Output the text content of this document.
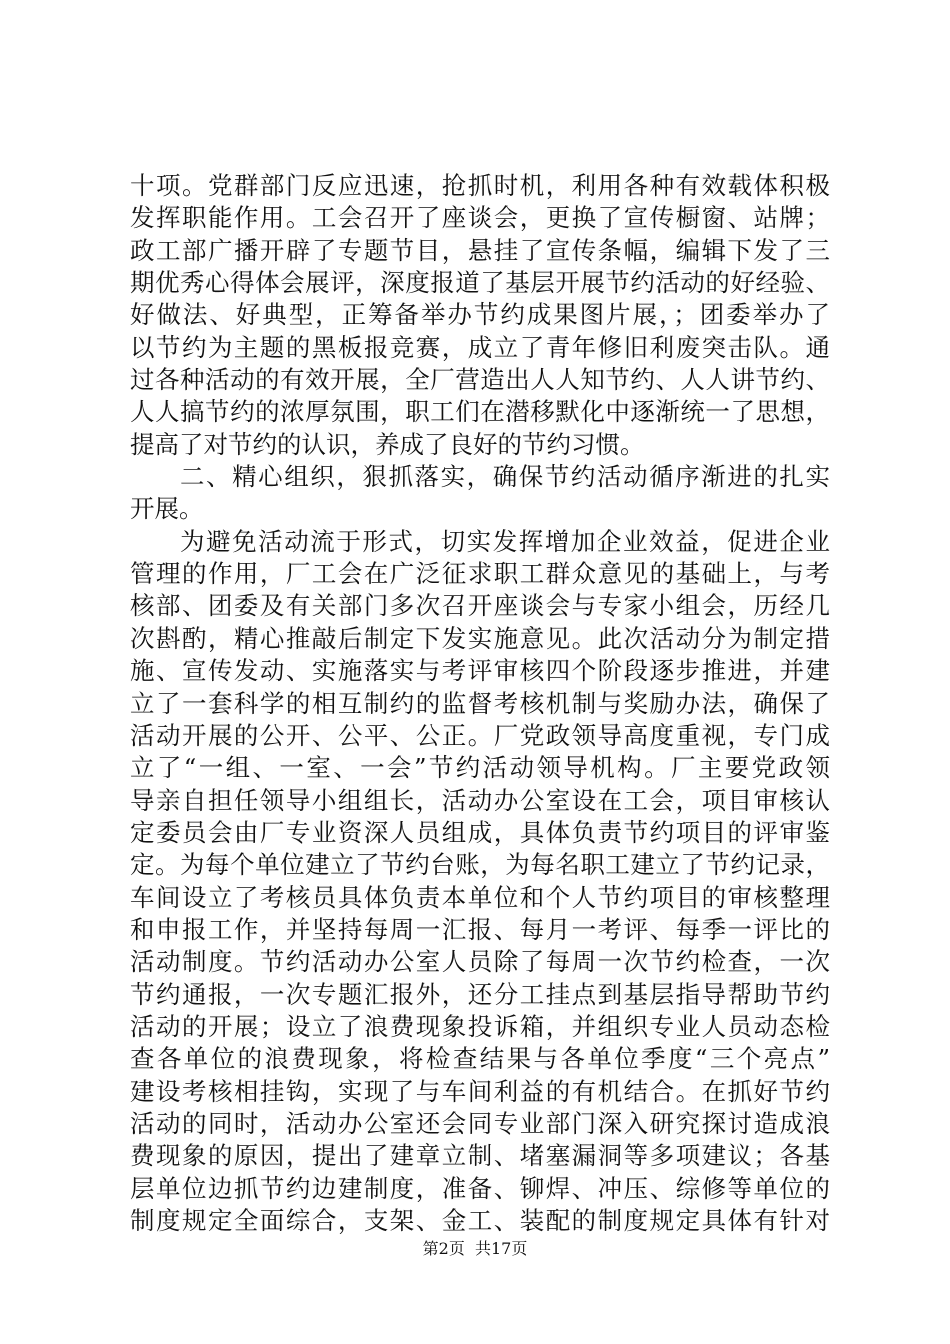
十项。党群部门反应迅速，抢抓时机，利用各种有效载体积极
发挥职能作用。工会召开了座谈会，更换了宣传橱窗、站牌；
政工部广播开辟了专题节目，悬挂了宣传条幅，编辑下发了三
期优秀心得体会展评，深度报道了基层开展节约活动的好经验、
好做法、好典型，正筹备举办节约成果图片展，；团委举办了
以节约为主题的黑板报竞赛，成立了青年修旧利废突击队。通
过各种活动的有效开展，全厂营造出人人知节约、人人讲节约、
人人搞节约的浓厚氛围，职工们在潜移默化中逐渐统一了思想，
提高了对节约的认识，养成了良好的节约习惯。
二、精心组织，狠抓落实，确保节约活动循序渐进的扎实
开展。
为避免活动流于形式，切实发挥增加企业效益，促进企业
管理的作用，厂工会在广泛征求职工群众意见的基础上，与考
核部、团委及有关部门多次召开座谈会与专家小组会，历经几
次斟酌，精心推敲后制定下发实施意见。此次活动分为制定措
施、宣传发动、实施落实与考评审核四个阶段逐步推进，并建
立了一套科学的相互制约的监督考核机制与奖励办法，确保了
活动开展的公开、公平、公正。厂党政领导高度重视，专门成
立了“一组、一室、一会”节约活动领导机构。厂主要党政领
导亲自担任领导小组组长，活动办公室设在工会，项目审核认
定委员会由厂专业资深人员组成，具体负责节约项目的评审鉴
定。为每个单位建立了节约台账，为每名职工建立了节约记录，
车间设立了考核员具体负责本单位和个人节约项目的审核整理
和申报工作，并坚持每周一汇报、每月一考评、每季一评比的
活动制度。节约活动办公室人员除了每周一次节约检查，一次
节约通报，一次专题汇报外，还分工挂点到基层指导帮助节约
活动的开展；设立了浪费现象投诉箱，并组织专业人员动态检
查各单位的浪费现象，将检查结果与各单位季度“三个亮点”
建设考核相挂钩，实现了与车间利益的有机结合。在抓好节约
活动的同时，活动办公室还会同专业部门深入研究探讨造成浪
费现象的原因，提出了建章立制、堵塞漏洞等多项建议；各基
层单位边抓节约边建制度，准备、铆焊、冲压、综修等单位的
制度规定全面综合，支架、金工、装配的制度规定具体有针对
第2页  共17页
